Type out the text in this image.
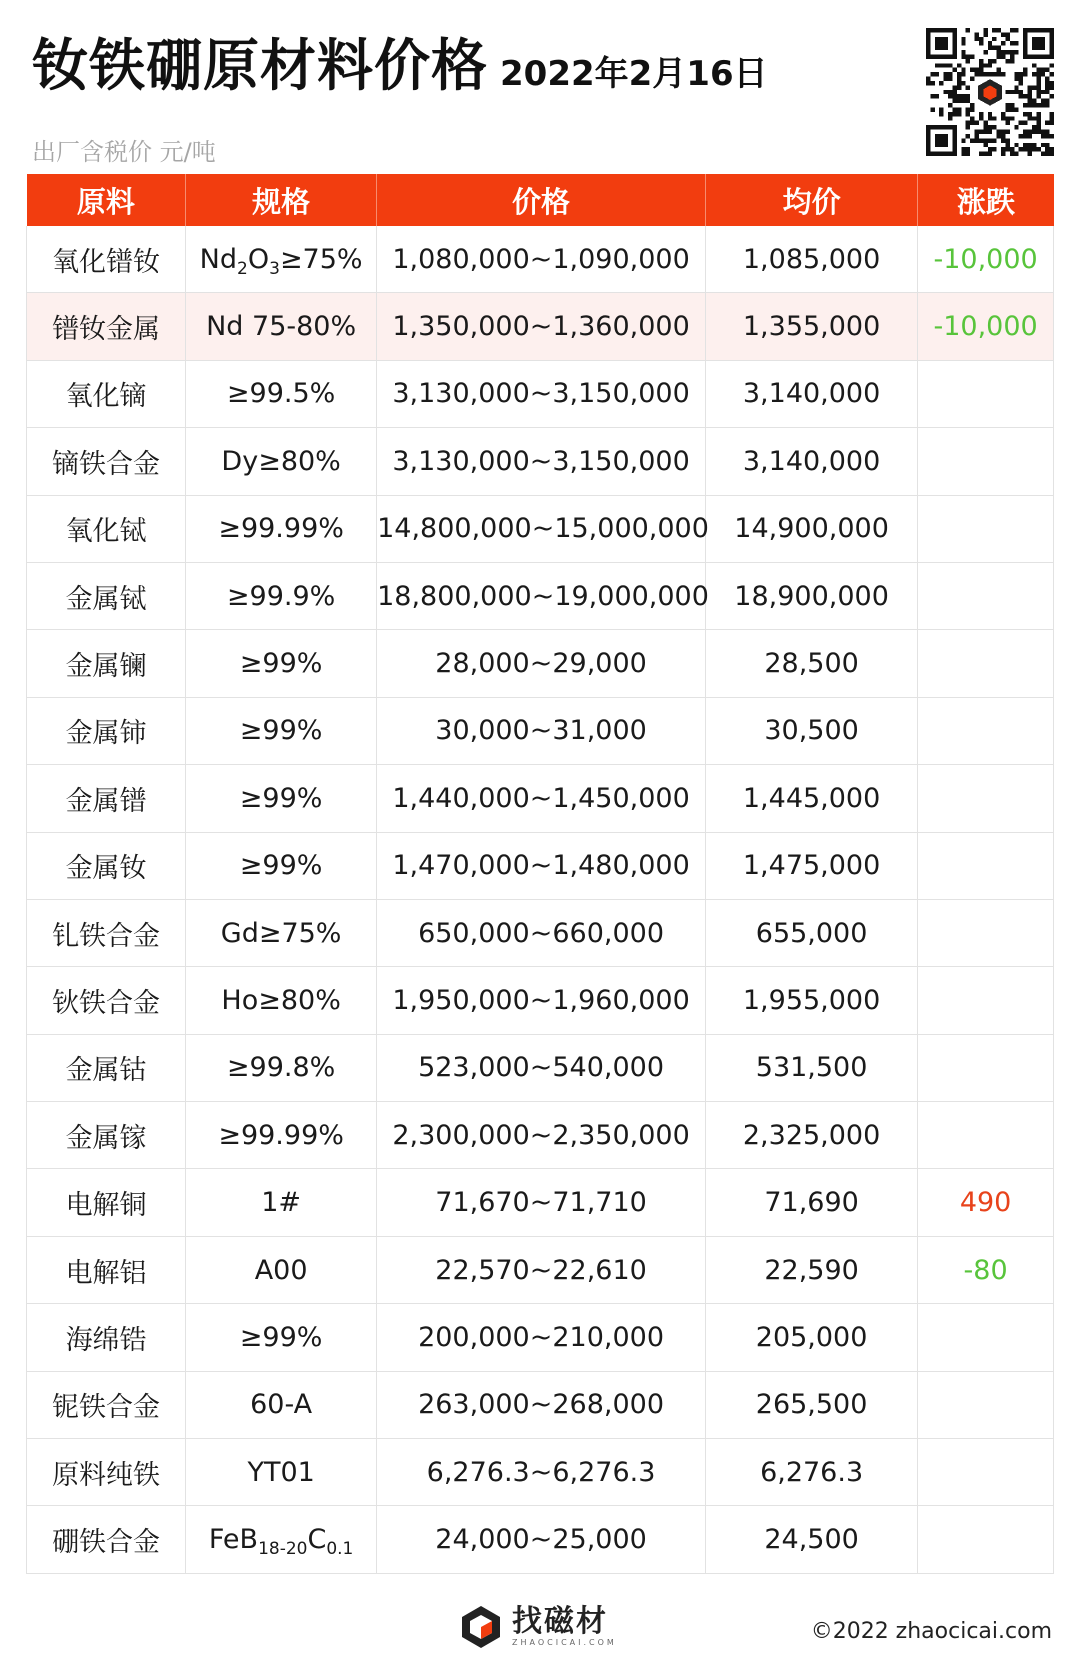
钕铁硼原材料价格 2022年2月16日
出厂含税价 元/吨
原料	规格	价格	均价	涨跌
氧化镨钕	$Nd_2O_3\ge 75\%$	1,080,000~1,090,000	1,085,000	-10,000
镨钕金属	Nd 75-80%	1,350,000~1,360,000	1,355,000	-10,000
氧化镝	≥99.5%	3,130,000~3,150,000	3,140,000	
镝铁合金	Dy≥80%	3,130,000~3,150,000	3,140,000	
氧化铽	≥99.99%	14,800,000~15,000,000	14,900,000	
金属铽	≥99.9%	18,800,000~19,000,000	18,900,000	
金属镧	≥99%	28,000~29,000	28,500	
金属铈	≥99%	30,000~31,000	30,500	
金属镨	≥99%	1,440,000~1,450,000	1,445,000	
金属钕	≥99%	1,470,000~1,480,000	1,475,000	
钆铁合金	Gd≥75%	650,000~660,000	655,000	
钬铁合金	Ho≥80%	1,950,000~1,960,000	1,955,000	
金属钴	≥99.8%	523,000~540,000	531,500	
金属镓	≥99.99%	2,300,000~2,350,000	2,325,000	
电解铜	1#	71,670~71,710	71,690	490
电解铝	A00	22,570~22,610	22,590	-80
海绵锆	≥99%	200,000~210,000	205,000	
铌铁合金	60-A	263,000~268,000	265,500	
原料纯铁	YT01	6,276.3~6,276.3	6,276.3	
硼铁合金	$FeB_{18-20}C_{0.1}$	24,000~25,000	24,500	
找磁材
ZHAOCICAI.COM	©2022 zhaocicai.com
